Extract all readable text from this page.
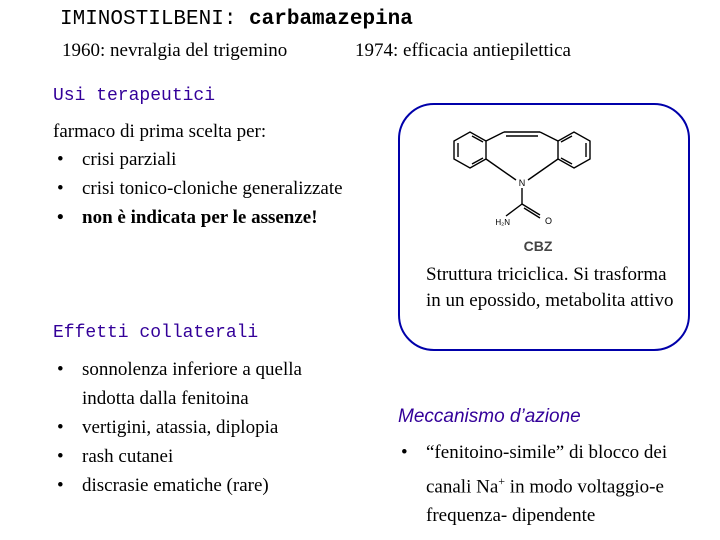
IMINOSTILBENI: carbamazepina
1960: nevralgia del trigemino	1974: efficacia antiepilettica
Usi terapeutici
farmaco di prima scelta per:
• crisi parziali
• crisi tonico-cloniche generalizzate
• non è indicata per le assenze!
Effetti collaterali
• sonnolenza inferiore a quella indotta dalla fenitoina
• vertigini, atassia, diplopia
• rash cutanei
• discrasie ematiche (rare)
N
H₂N	O
CBZ
Struttura triciclica. Si trasforma in un epossido, metabolita attivo
Meccanismo d’azione
• “fenitoino-simile” di blocco dei canali Na+ in modo voltaggio-e frequenza- dipendente
